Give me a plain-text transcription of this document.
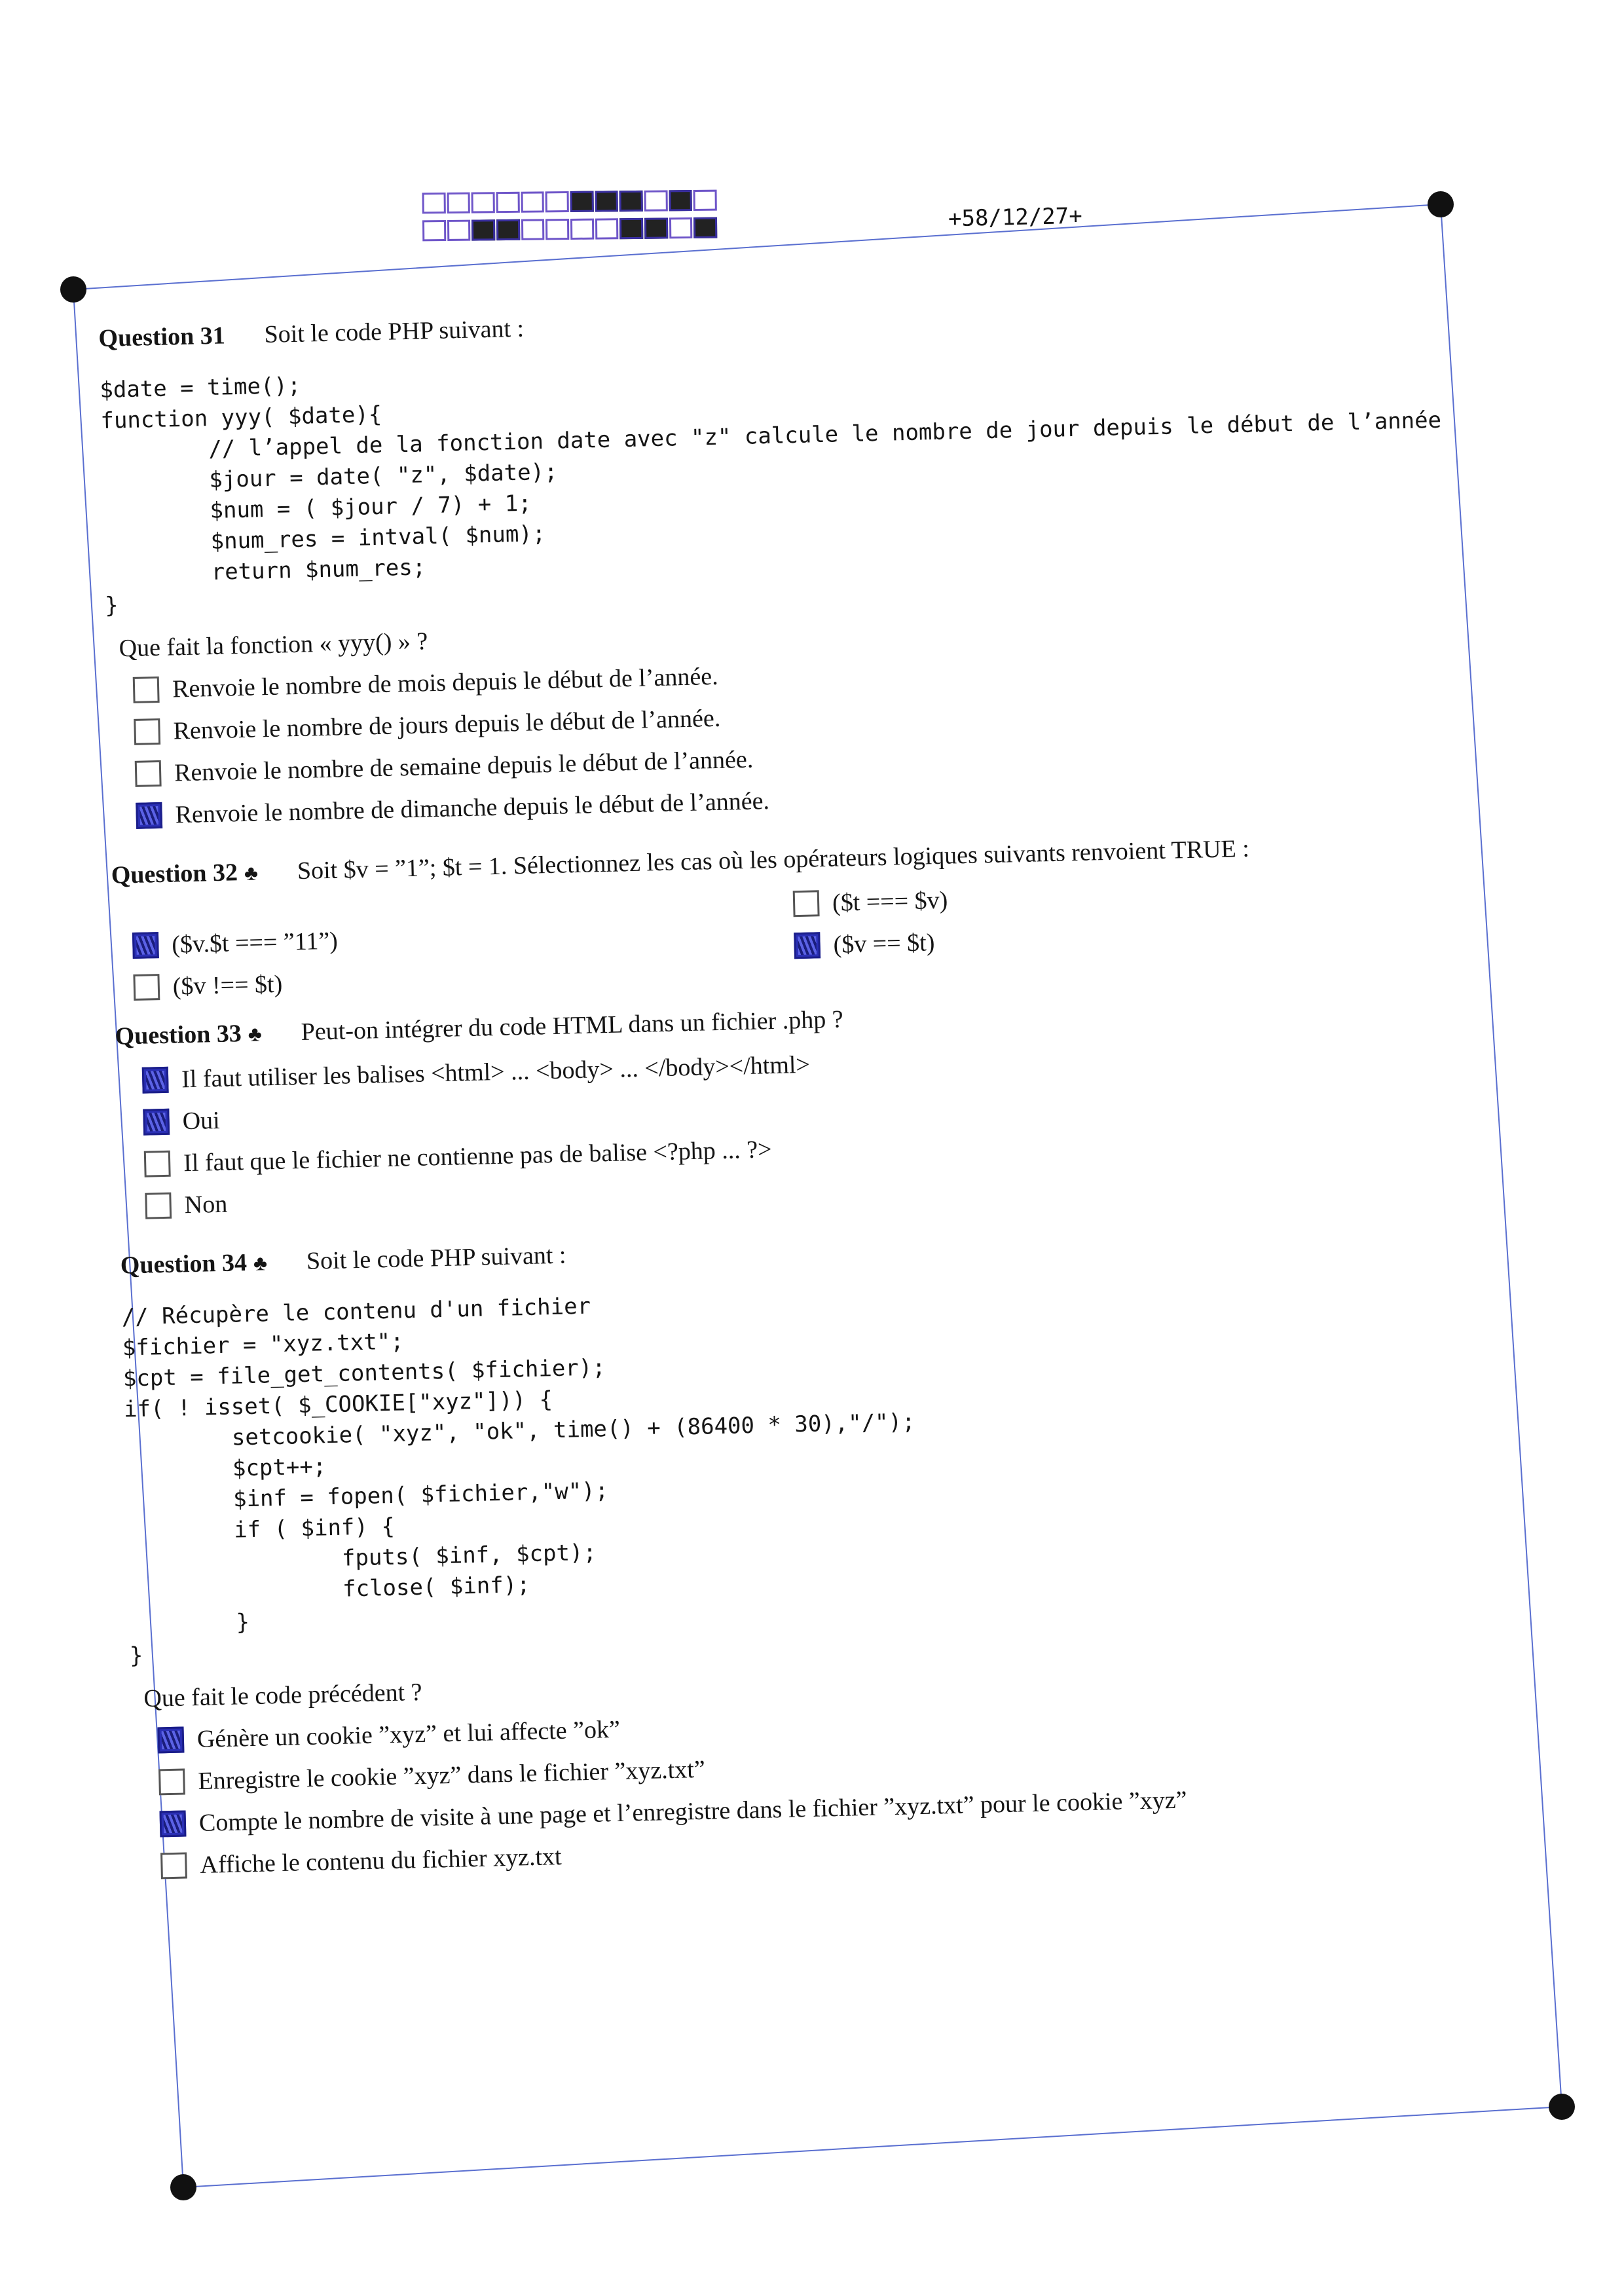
+58/12/27+
Question 31 Soit le code PHP suivant :
$date = time();
function yyy( $date){
// l’appel de la fonction date avec "z" calcule le nombre de jour depuis le début de l’année
$jour = date( "z", $date);
$num = ( $jour / 7) + 1;
$num_res = intval( $num);
return $num_res;
}
Que fait la fonction « yyy() » ?
Renvoie le nombre de mois depuis le début de l’année.
Renvoie le nombre de jours depuis le début de l’année.
Renvoie le nombre de semaine depuis le début de l’année.
Renvoie le nombre de dimanche depuis le début de l’année.
Question 32 ♣ Soit $v = ”1”; $t = 1. Sélectionnez les cas où les opérateurs logiques suivants renvoient TRUE :
($v.$t === ”11”)
($v !== $t)
($t === $v)
($v == $t)
Question 33 ♣ Peut-on intégrer du code HTML dans un fichier .php ?
Il faut utiliser les balises <html> ... <body> ... </body></html>
Oui
Il faut que le fichier ne contienne pas de balise <?php ... ?>
Non
Question 34 ♣ Soit le code PHP suivant :
// Récupère le contenu d'un fichier
$fichier = "xyz.txt";
$cpt = file_get_contents( $fichier);
if( ! isset( $_COOKIE["xyz"])) {
setcookie( "xyz", "ok", time() + (86400 * 30),"/");
$cpt++;
$inf = fopen( $fichier,"w");
if ( $inf) {
fputs( $inf, $cpt);
fclose( $inf);
}
}
Que fait le code précédent ?
Génère un cookie ”xyz” et lui affecte ”ok”
Enregistre le cookie ”xyz” dans le fichier ”xyz.txt”
Compte le nombre de visite à une page et l’enregistre dans le fichier ”xyz.txt” pour le cookie ”xyz”
Affiche le contenu du fichier xyz.txt
